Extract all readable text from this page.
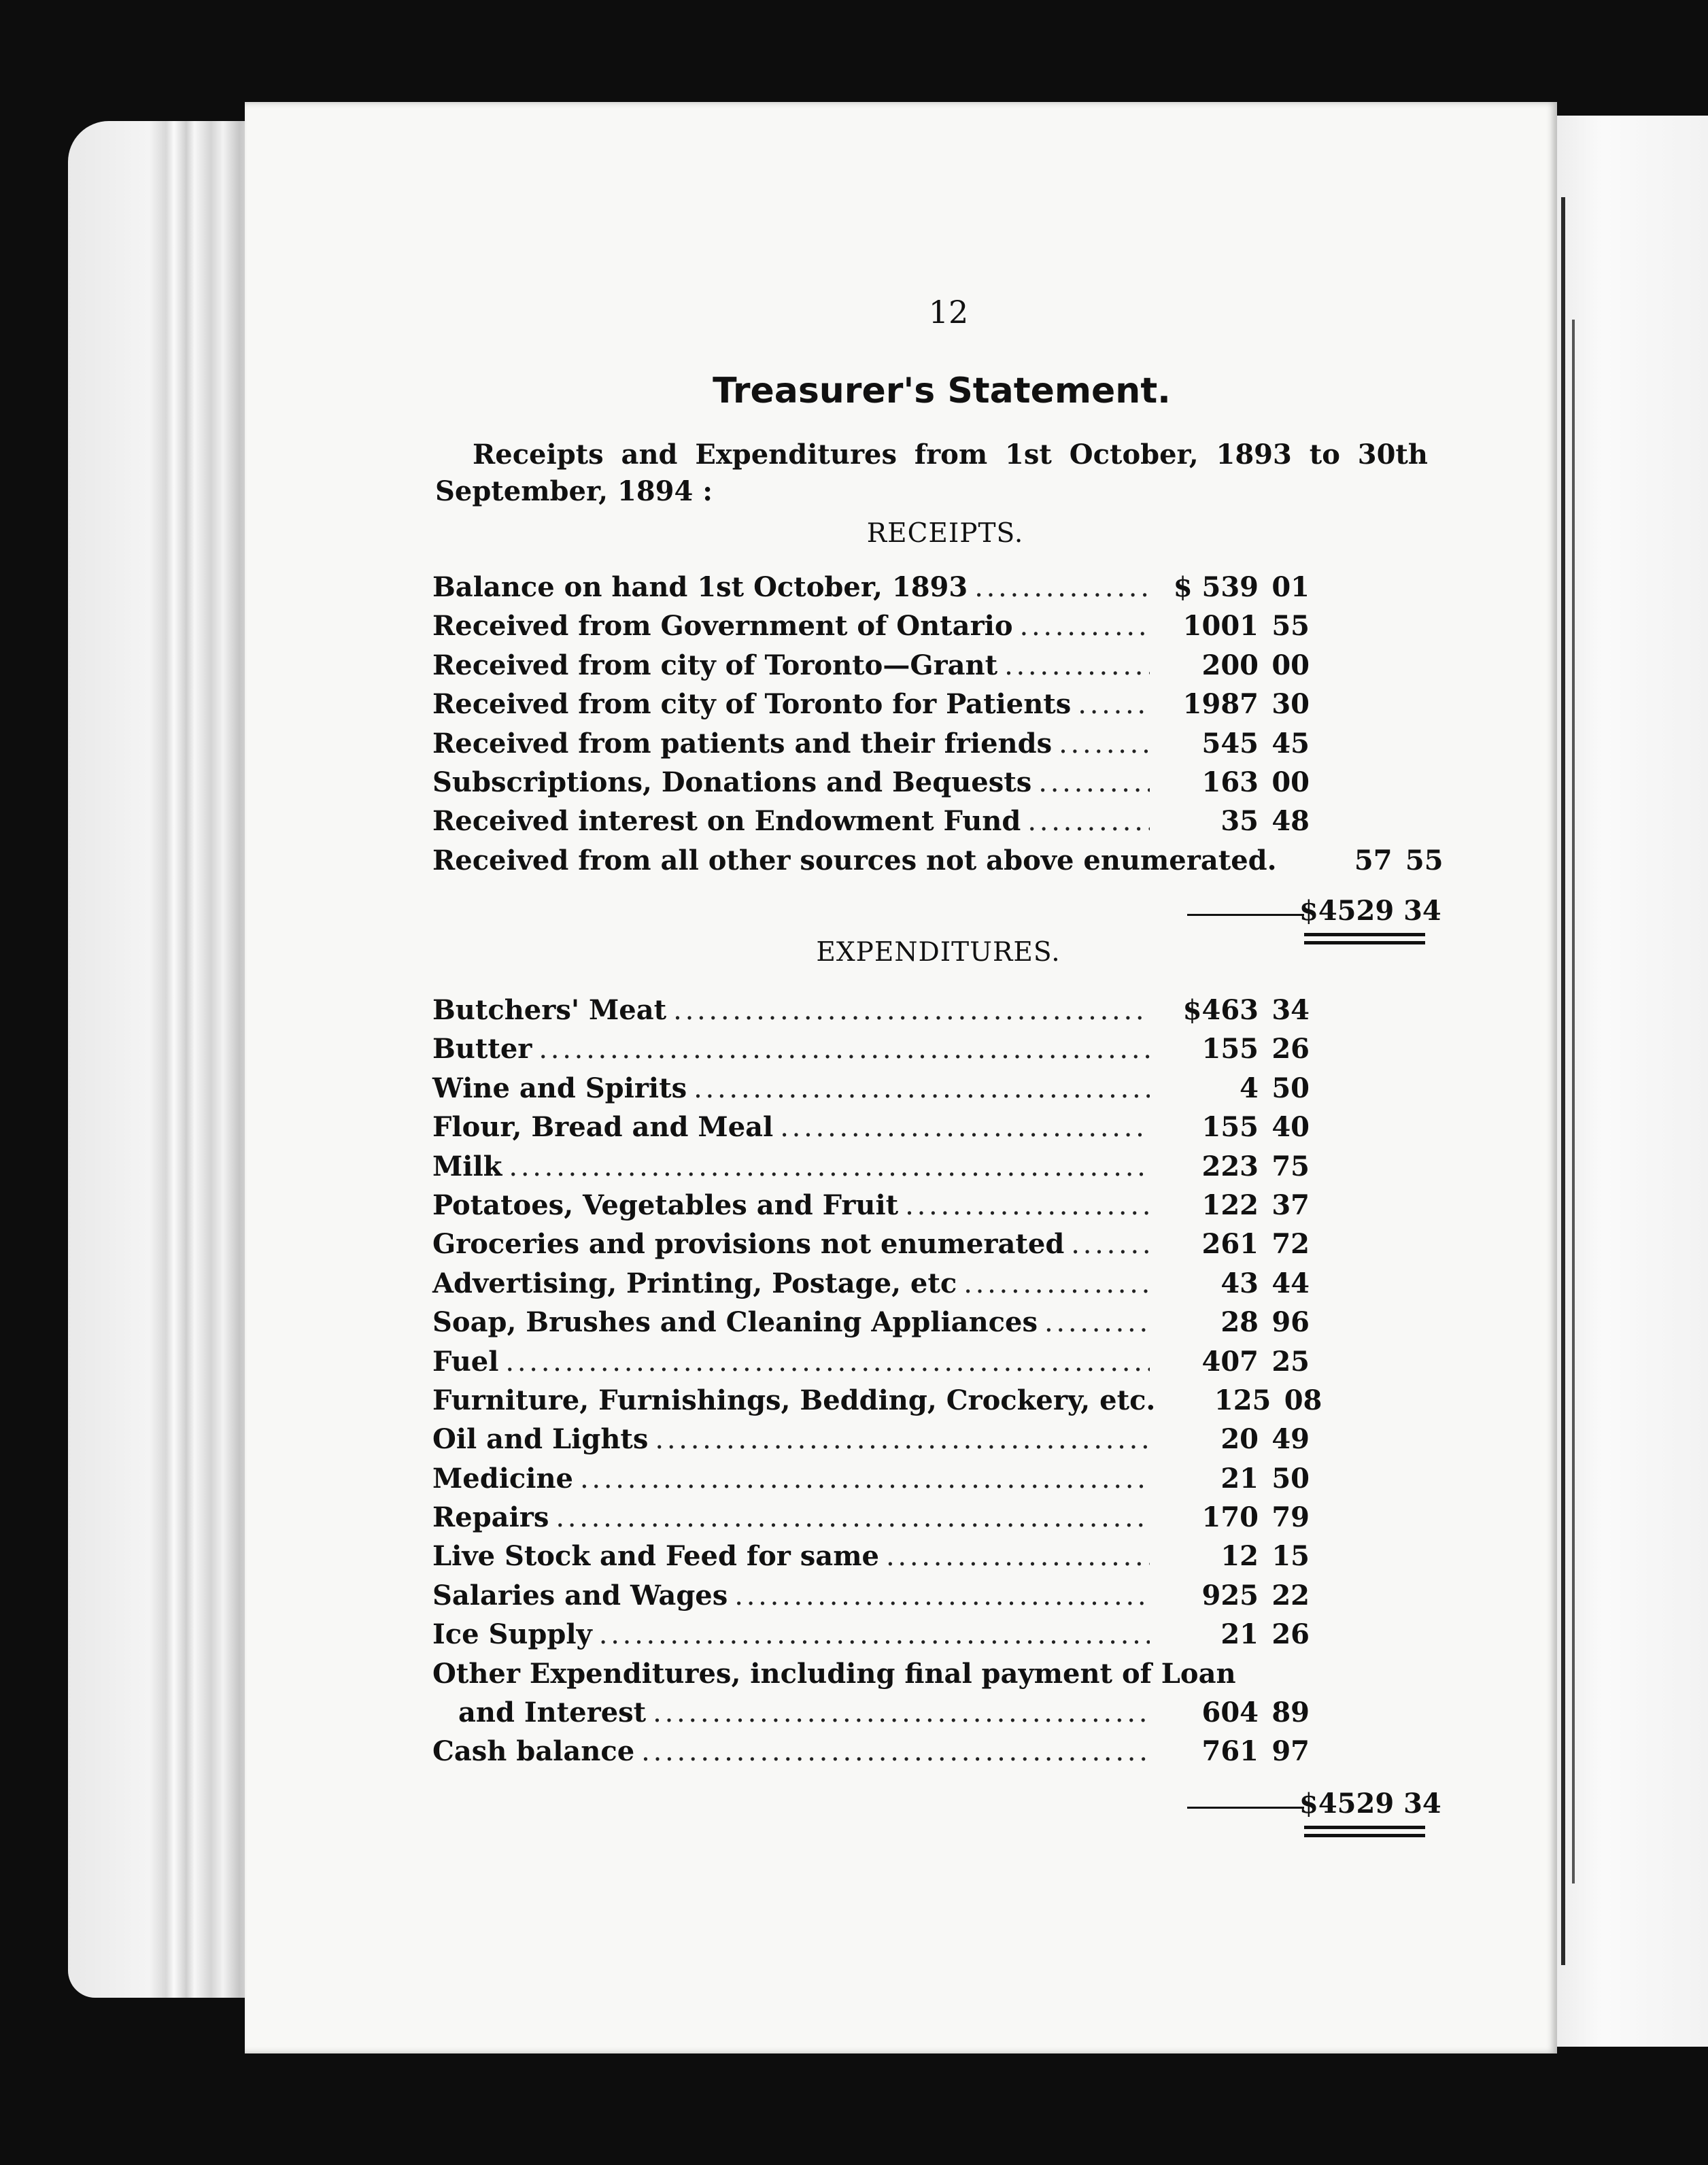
12
Treasurer's Statement.
Receipts and Expenditures from 1st October, 1893 to 30th September, 1894 :
RECEIPTS.
Balance on hand 1st October, 1893 . . .	$ 539 01
Received from Government of Ontario . . .	1001 55
Received from city of Toronto—Grant . . .	200 00
Received from city of Toronto for Patients . . .	1987 30
Received from patients and their friends . . .	545 45
Subscriptions, Donations and Bequests . . .	163 00
Received interest on Endowment Fund . . .	35 48
Received from all other sources not above enumerated.	57 55
$4529 34
EXPENDITURES.
Butchers' Meat . . .	$463 34
Butter . . .	155 26
Wine and Spirits . . .	4 50
Flour, Bread and Meal . . .	155 40
Milk . . .	223 75
Potatoes, Vegetables and Fruit . . .	122 37
Groceries and provisions not enumerated . . .	261 72
Advertising, Printing, Postage, etc . . .	43 44
Soap, Brushes and Cleaning Appliances . . .	28 96
Fuel . . .	407 25
Furniture, Furnishings, Bedding, Crockery, etc.	125 08
Oil and Lights . . .	20 49
Medicine . . .	21 50
Repairs . . .	170 79
Live Stock and Feed for same . . .	12 15
Salaries and Wages . . .	925 22
Ice Supply . . .	21 26
Other Expenditures, including final payment of Loan
and Interest . . .	604 89
Cash balance . . .	761 97
$4529 34
